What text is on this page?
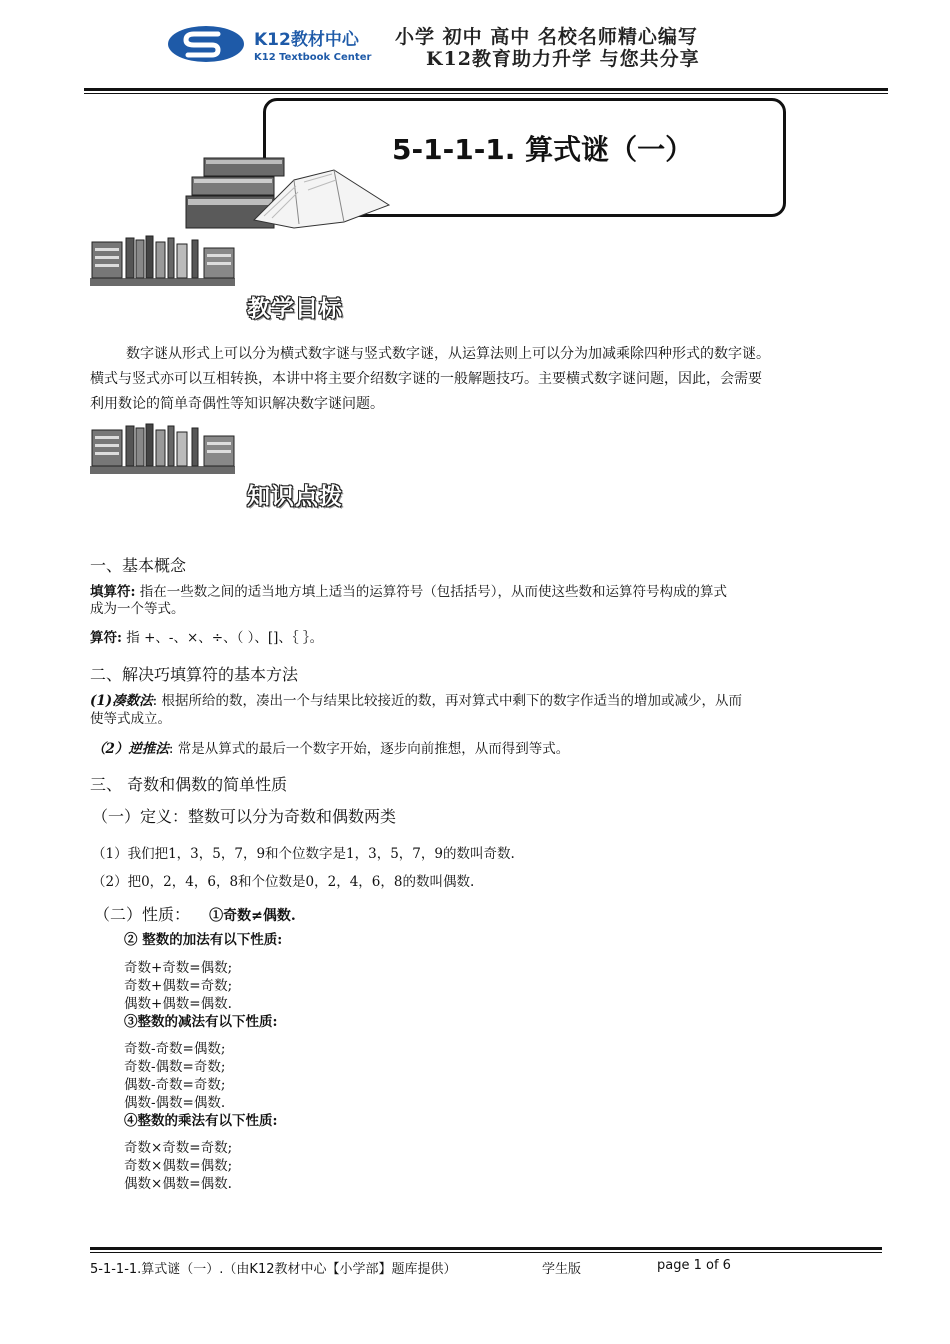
K12教材中心
K12 Textbook Center
小学 初中 高中 名校名师精心编写
K12教育助力升学 与您共分享
5-1-1-1. 算式谜（一）
教学目标
数字谜从形式上可以分为横式数字谜与竖式数字谜，从运算法则上可以分为加减乘除四种形式的数字谜。
横式与竖式亦可以互相转换，本讲中将主要介绍数字谜的一般解题技巧。主要横式数字谜问题，因此，会需要
利用数论的简单奇偶性等知识解决数字谜问题。
知识点拨
一、基本概念
填算符: 指在一些数之间的适当地方填上适当的运算符号（包括括号），从而使这些数和运算符号构成的算式
成为一个等式。
算符: 指 +、-、×、÷、（ ）、[]、｛ ｝。
二、解决巧填算符的基本方法
(1)凑数法: 根据所给的数，凑出一个与结果比较接近的数，再对算式中剩下的数字作适当的增加或减少，从而
使等式成立。
（2）逆推法: 常是从算式的最后一个数字开始，逐步向前推想，从而得到等式。
三、 奇数和偶数的简单性质
（一）定义：整数可以分为奇数和偶数两类
（1）我们把1，3，5，7，9和个位数字是1，3，5，7，9的数叫奇数.
（2）把0，2，4，6，8和个位数是0，2，4，6，8的数叫偶数.
（二）性质： ①奇数≠偶数.
② 整数的加法有以下性质:
奇数+奇数=偶数;
奇数+偶数=奇数;
偶数+偶数=偶数.
③整数的减法有以下性质:
奇数-奇数=偶数;
奇数-偶数=奇数;
偶数-奇数=奇数;
偶数-偶数=偶数.
④整数的乘法有以下性质:
奇数×奇数=奇数;
奇数×偶数=偶数;
偶数×偶数=偶数.
5-1-1-1.算式谜（一）.（由K12教材中心【小学部】题库提供）	学生版	page 1 of 6
